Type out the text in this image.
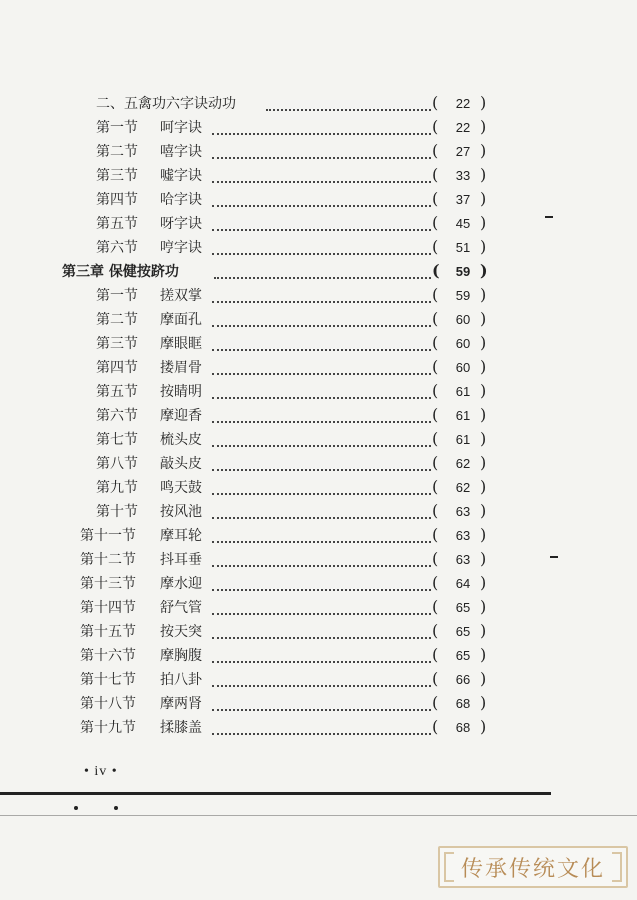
二、五禽功六字诀动功	(	22 )
第一节 呵字诀	(	22 )
第二节 嘻字诀	(	27 )
第三节 嘘字诀	(	33 )
第四节 哈字诀	(	37 )
第五节 呀字诀	(	45 )
第六节 哼字诀	(	51 )
第三章 保健按跻功	(	59 )
第一节 搓双掌	(	59 )
第二节 摩面孔	(	60 )
第三节 摩眼眶	(	60 )
第四节 搂眉骨	(	60 )
第五节 按睛明	(	61 )
第六节 摩迎香	(	61 )
第七节 梳头皮	(	61 )
第八节 敲头皮	(	62 )
第九节 鸣天鼓	(	62 )
第十节 按风池	(	63 )
第十一节 摩耳轮	(	63 )
第十二节 抖耳垂	(	63 )
第十三节 摩水迎	(	64 )
第十四节 舒气管	(	65 )
第十五节 按天突	(	65 )
第十六节 摩胸腹	(	65 )
第十七节 拍八卦	(	66 )
第十八节 摩两肾	(	68 )
第十九节 揉膝盖	(	68 )
• iv •
传承传统文化
